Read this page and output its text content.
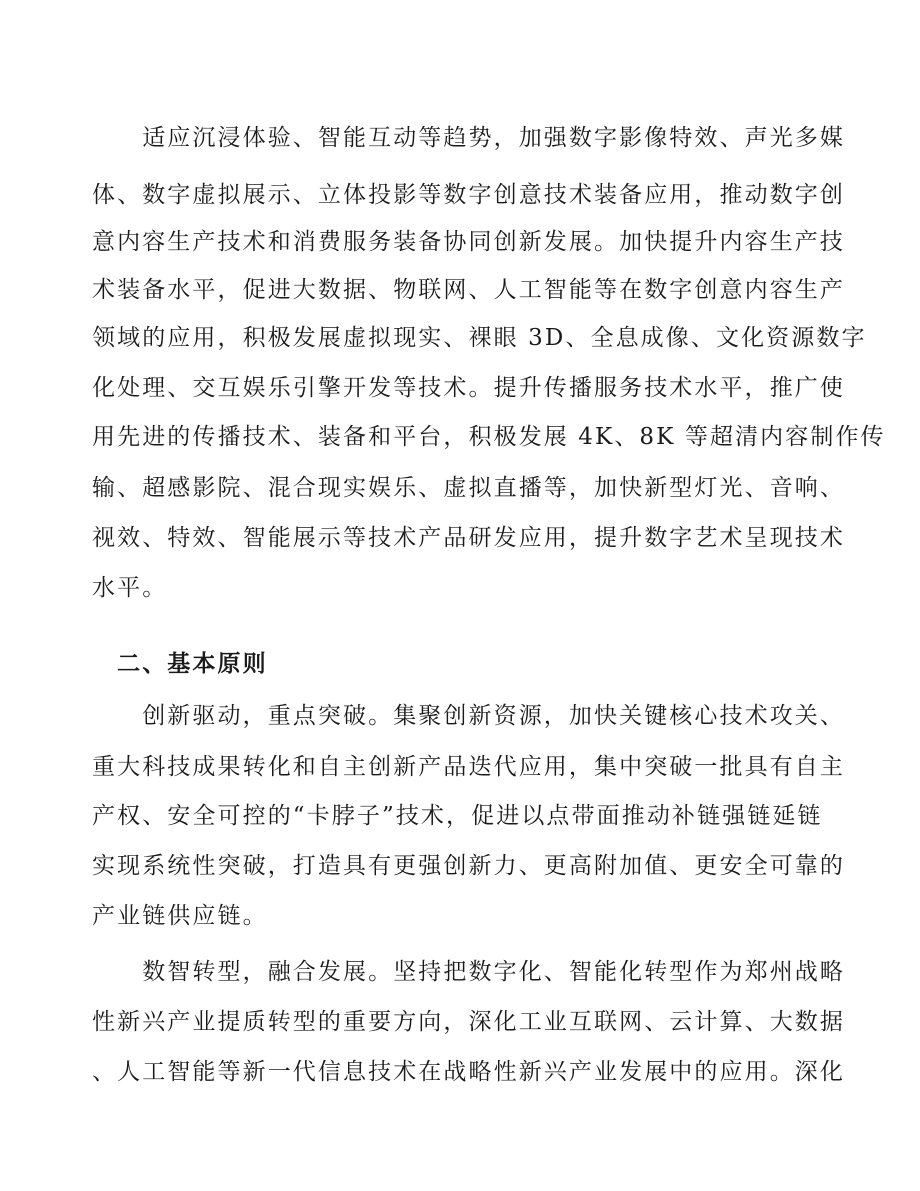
　　适应沉浸体验、智能互动等趋势，加强数字影像特效、声光多媒
体、数字虚拟展示、立体投影等数字创意技术装备应用，推动数字创
意内容生产技术和消费服务装备协同创新发展。加快提升内容生产技
术装备水平，促进大数据、物联网、人工智能等在数字创意内容生产
领域的应用，积极发展虚拟现实、裸眼 3D、全息成像、文化资源数字
化处理、交互娱乐引擎开发等技术。提升传播服务技术水平，推广使
用先进的传播技术、装备和平台，积极发展 4K、8K 等超清内容制作传
输、超感影院、混合现实娱乐、虚拟直播等，加快新型灯光、音响、
视效、特效、智能展示等技术产品研发应用，提升数字艺术呈现技术
水平。
　二、基本原则
　　创新驱动，重点突破。集聚创新资源，加快关键核心技术攻关、
重大科技成果转化和自主创新产品迭代应用，集中突破一批具有自主
产权、安全可控的“卡脖子”技术，促进以点带面推动补链强链延链
实现系统性突破，打造具有更强创新力、更高附加值、更安全可靠的
产业链供应链。
　　数智转型，融合发展。坚持把数字化、智能化转型作为郑州战略
性新兴产业提质转型的重要方向，深化工业互联网、云计算、大数据
、人工智能等新一代信息技术在战略性新兴产业发展中的应用。深化
